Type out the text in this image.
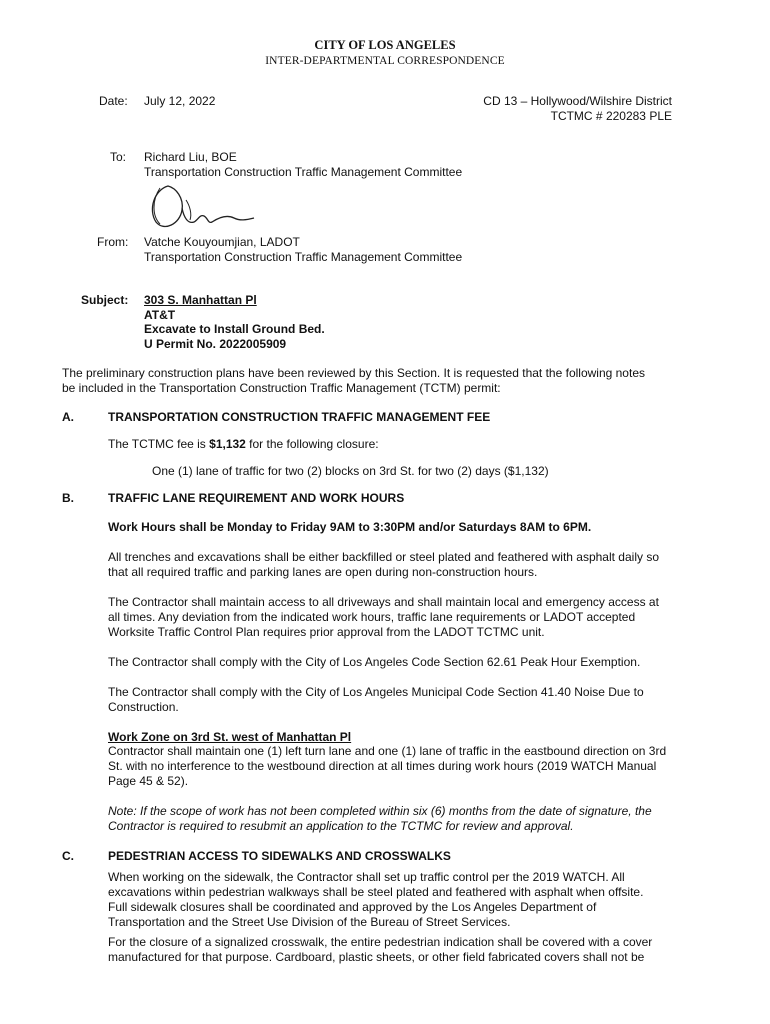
CITY OF LOS ANGELES
INTER-DEPARTMENTAL CORRESPONDENCE
Date: July 12, 2022	CD 13 – Hollywood/Wilshire District
TCTMC # 220283 PLE
To: Richard Liu, BOE
Transportation Construction Traffic Management Committee
From: Vatche Kouyoumjian, LADOT
Transportation Construction Traffic Management Committee
Subject: 303 S. Manhattan Pl
AT&T
Excavate to Install Ground Bed.
U Permit No. 2022005909
The preliminary construction plans have been reviewed by this Section. It is requested that the following notes
be included in the Transportation Construction Traffic Management (TCTM) permit:
A.	TRANSPORTATION CONSTRUCTION TRAFFIC MANAGEMENT FEE
The TCTMC fee is $1,132 for the following closure:
One (1) lane of traffic for two (2) blocks on 3rd St. for two (2) days ($1,132)
B.	TRAFFIC LANE REQUIREMENT AND WORK HOURS
Work Hours shall be Monday to Friday 9AM to 3:30PM and/or Saturdays 8AM to 6PM.
All trenches and excavations shall be either backfilled or steel plated and feathered with asphalt daily so
that all required traffic and parking lanes are open during non-construction hours.
The Contractor shall maintain access to all driveways and shall maintain local and emergency access at
all times. Any deviation from the indicated work hours, traffic lane requirements or LADOT accepted
Worksite Traffic Control Plan requires prior approval from the LADOT TCTMC unit.
The Contractor shall comply with the City of Los Angeles Code Section 62.61 Peak Hour Exemption.
The Contractor shall comply with the City of Los Angeles Municipal Code Section 41.40 Noise Due to
Construction.
Work Zone on 3rd St. west of Manhattan Pl
Contractor shall maintain one (1) left turn lane and one (1) lane of traffic in the eastbound direction on 3rd
St. with no interference to the westbound direction at all times during work hours (2019 WATCH Manual
Page 45 & 52).
Note: If the scope of work has not been completed within six (6) months from the date of signature, the
Contractor is required to resubmit an application to the TCTMC for review and approval.
C.	PEDESTRIAN ACCESS TO SIDEWALKS AND CROSSWALKS
When working on the sidewalk, the Contractor shall set up traffic control per the 2019 WATCH. All
excavations within pedestrian walkways shall be steel plated and feathered with asphalt when offsite.
Full sidewalk closures shall be coordinated and approved by the Los Angeles Department of
Transportation and the Street Use Division of the Bureau of Street Services.
For the closure of a signalized crosswalk, the entire pedestrian indication shall be covered with a cover
manufactured for that purpose. Cardboard, plastic sheets, or other field fabricated covers shall not be
